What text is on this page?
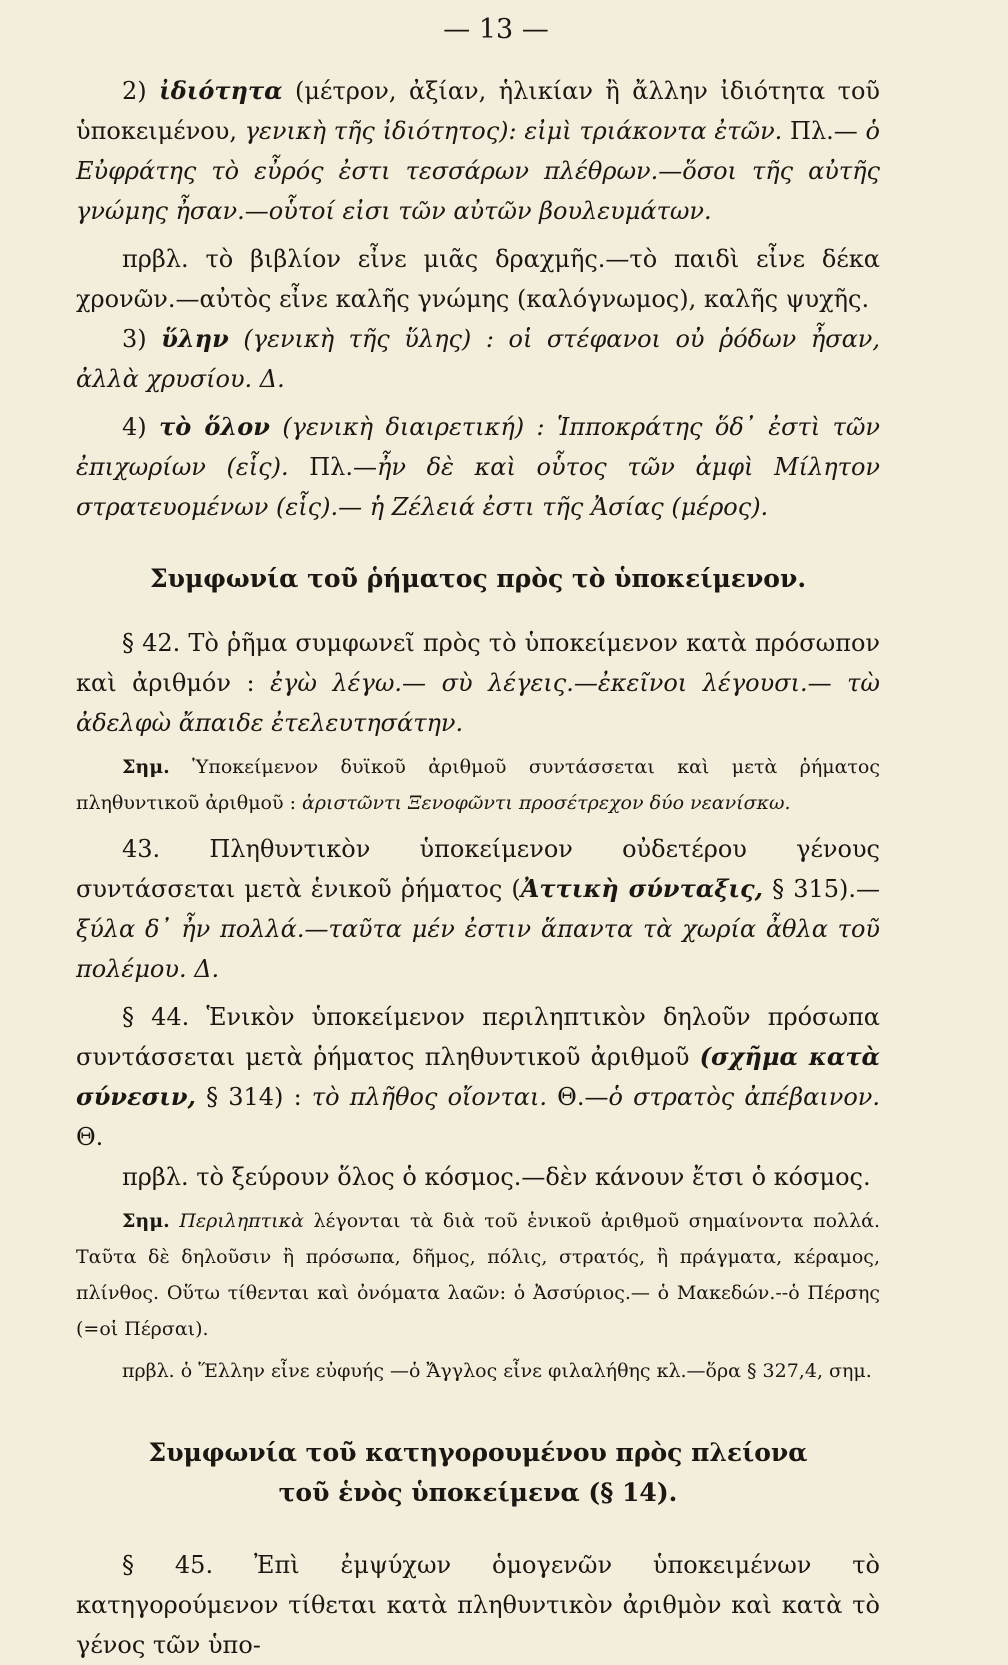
— 13 —

2) ἰδιότητα (μέτρον, ἀξίαν, ἡλικίαν ἢ ἄλλην ἰδιότητα τοῦ ὑποκειμένου, γενικὴ τῆς ἰδιότητος): εἰμὶ τριάκοντα ἐτῶν. Πλ.— ὁ Εὐφράτης τὸ εὖρός ἐστι τεσσάρων πλέθρων.—ὅσοι τῆς αὐτῆς γνώμης ἦσαν.—οὗτοί εἰσι τῶν αὐτῶν βουλευμάτων.

πρβλ. τὸ βιβλίον εἶνε μιᾶς δραχμῆς.—τὸ παιδὶ εἶνε δέκα χρονῶν.—αὐτὸς εἶνε καλῆς γνώμης (καλόγνωμος), καλῆς ψυχῆς.

3) ὕλην (γενικὴ τῆς ὕλης) : οἱ στέφανοι οὐ ῥόδων ἦσαν, ἀλλὰ χρυσίου. Δ.

4) τὸ ὅλον (γενικὴ διαιρετική) : Ἱπποκράτης ὅδ᾽ ἐστὶ τῶν ἐπιχωρίων (εἷς). Πλ.—ἦν δὲ καὶ οὗτος τῶν ἀμφὶ Μίλητον στρατευομένων (εἷς).— ἡ Ζέλειά ἐστι τῆς Ἀσίας (μέρος).

Συμφωνία τοῦ ῥήματος πρὸς τὸ ὑποκείμενον.

§ 42. Τὸ ῥῆμα συμφωνεῖ πρὸς τὸ ὑποκείμενον κατὰ πρόσωπον καὶ ἀριθμόν : ἐγὼ λέγω.— σὺ λέγεις.—ἐκεῖνοι λέγουσι.— τὼ ἀδελφὼ ἄπαιδε ἐτελευτησάτην.

Σημ. Ὑποκείμενον δυϊκοῦ ἀριθμοῦ συντάσσεται καὶ μετὰ ῥήματος πληθυντικοῦ ἀριθμοῦ : ἀριστῶντι Ξενοφῶντι προσέτρεχον δύο νεανίσκω.

43. Πληθυντικὸν ὑποκείμενον οὐδετέρου γένους συντάσσεται μετὰ ἑνικοῦ ῥήματος (Ἀττικὴ σύνταξις, § 315).—ξύλα δ᾽ ἦν πολλά.—ταῦτα μέν ἐστιν ἅπαντα τὰ χωρία ἆθλα τοῦ πολέμου. Δ.

§ 44. Ἑνικὸν ὑποκείμενον περιληπτικὸν δηλοῦν πρόσωπα συντάσσεται μετὰ ῥήματος πληθυντικοῦ ἀριθμοῦ (σχῆμα κατὰ σύνεσιν, § 314) : τὸ πλῆθος οἴονται. Θ.—ὁ στρατὸς ἀπέβαινον. Θ.

πρβλ. τὸ ξεύρουν ὅλος ὁ κόσμος.—δὲν κάνουν ἔτσι ὁ κόσμος.

Σημ. Περιληπτικὰ λέγονται τὰ διὰ τοῦ ἑνικοῦ ἀριθμοῦ σημαίνοντα πολλά. Ταῦτα δὲ δηλοῦσιν ἢ πρόσωπα, δῆμος, πόλις, στρατός, ἢ πράγματα, κέραμος, πλίνθος. Οὕτω τίθενται καὶ ὀνόματα λαῶν: ὁ Ἀσσύριος.— ὁ Μακεδών.--ὁ Πέρσης (=οἱ Πέρσαι).

πρβλ. ὁ Ἕλλην εἶνε εὐφυής —ὁ Ἄγγλος εἶνε φιλαλήθης κλ.—ὅρα § 327,4, σημ.

Συμφωνία τοῦ κατηγορουμένου πρὸς πλείονα
τοῦ ἑνὸς ὑποκείμενα (§ 14).

§ 45. Ἐπὶ ἐμψύχων ὁμογενῶν ὑποκειμένων τὸ κατηγορούμενον τίθεται κατὰ πληθυντικὸν ἀριθμὸν καὶ κατὰ τὸ γένος τῶν ὑπο-
